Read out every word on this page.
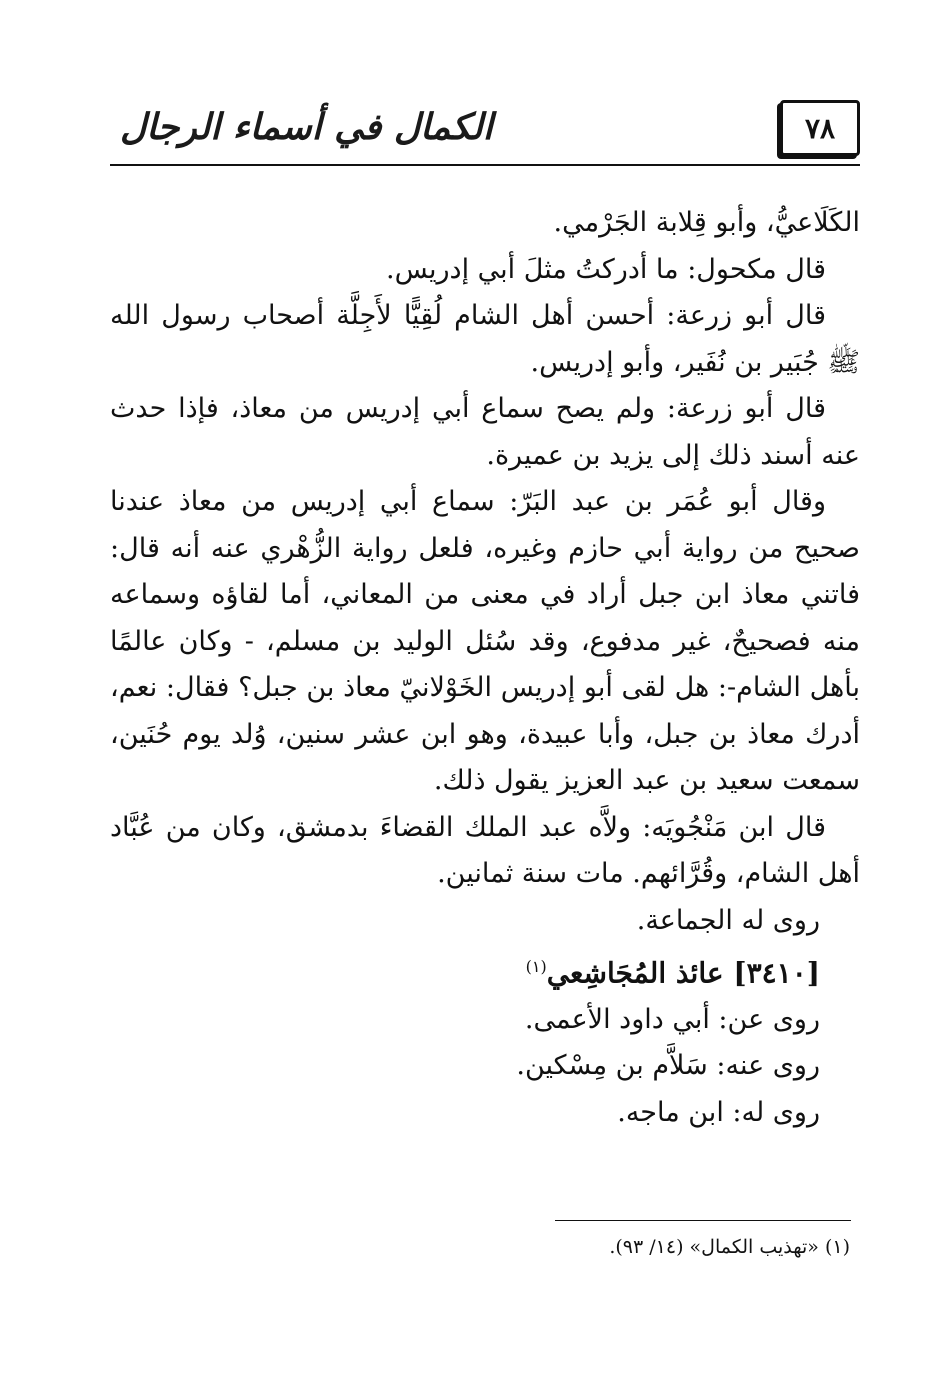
الكمال في أسماء الرجال	٧٨

الكَلَاعيُّ، وأبو قِلابة الجَرْمي.

قال مكحول: ما أدركتُ مثلَ أبي إدريس.

قال أبو زرعة: أحسن أهل الشام لُقِيًّا لأَجِلَّة أصحاب رسول الله ﷺ جُبَير بن نُفَير، وأبو إدريس.

قال أبو زرعة: ولم يصح سماع أبي إدريس من معاذ، فإذا حدث عنه أسند ذلك إلى يزيد بن عميرة.

وقال أبو عُمَر بن عبد البَرّ: سماع أبي إدريس من معاذ عندنا صحيح من رواية أبي حازم وغيره، فلعل رواية الزُّهْري عنه أنه قال: فاتني معاذ ابن جبل أراد في معنى من المعاني، أما لقاؤه وسماعه منه فصحيحٌ، غير مدفوع، وقد سُئل الوليد بن مسلم، - وكان عالمًا بأهل الشام-: هل لقى أبو إدريس الخَوْلانيّ معاذ بن جبل؟ فقال: نعم، أدرك معاذ بن جبل، وأبا عبيدة، وهو ابن عشر سنين، وُلد يوم حُنَين، سمعت سعيد بن عبد العزيز يقول ذلك.

قال ابن مَنْجُويَه: ولاَّه عبد الملك القضاءَ بدمشق، وكان من عُبَّاد أهل الشام، وقُرَّائهم. مات سنة ثمانين.

روى له الجماعة.

[٣٤١٠] عائذ المُجَاشِعي$^{(١)}$

روى عن: أبي داود الأعمى.

روى عنه: سَلاَّم بن مِسْكين.

روى له: ابن ماجه.

(١) «تهذيب الكمال» (١٤/ ٩٣).
